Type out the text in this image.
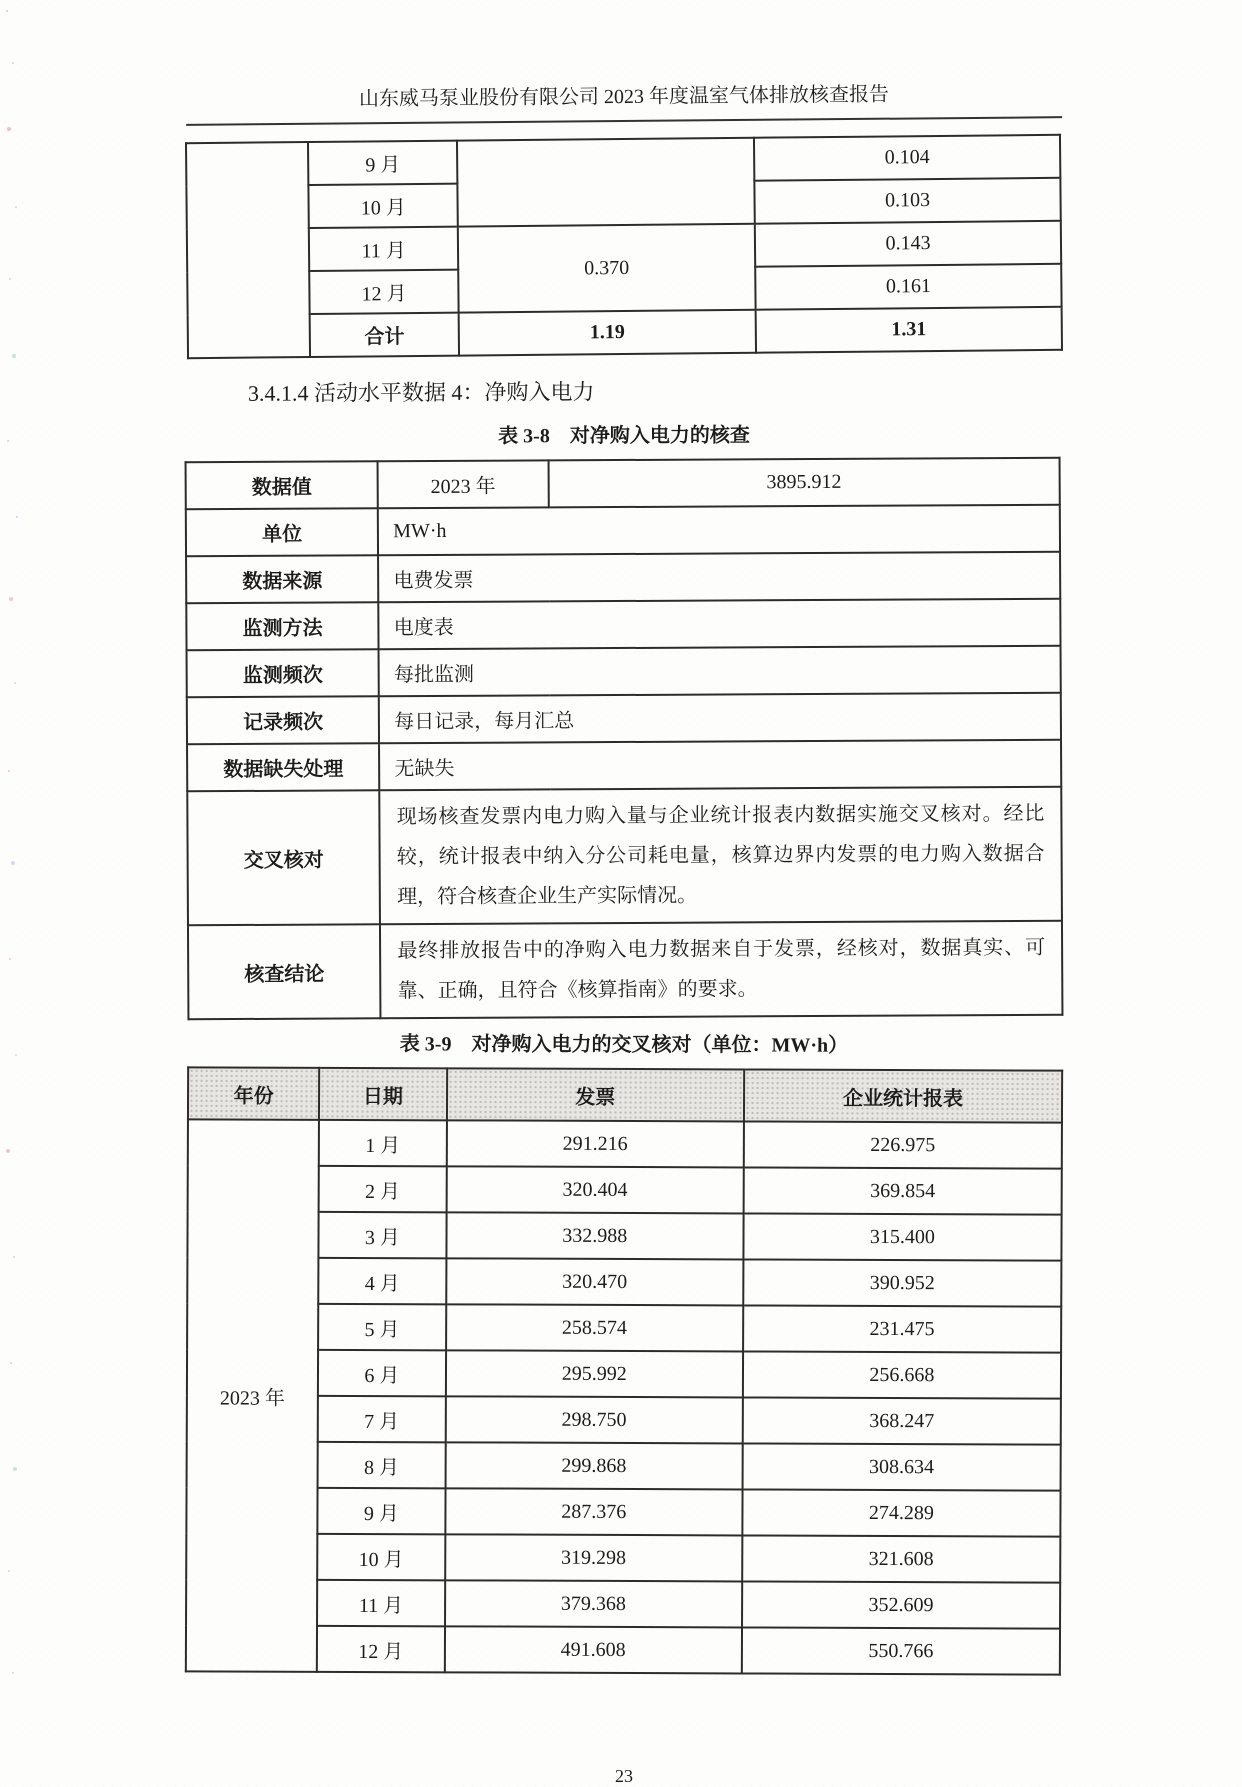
山东威马泵业股份有限公司 2023 年度温室气体排放核查报告
	9 月		0.104
	10 月		0.103
	11 月	0.370	0.143
	12 月		0.161
	合计	1.19	1.31
3.4.1.4 活动水平数据 4：净购入电力
表 3-8　对净购入电力的核查
数据值	2023 年	3895.912
单位	MW·h	
数据来源	电费发票	
监测方法	电度表	
监测频次	每批监测	
记录频次	每日记录，每月汇总	
数据缺失处理	无缺失	
交叉核对	现场核查发票内电力购入量与企业统计报表内数据实施交叉核对。经比较，统计报表中纳入分公司耗电量，核算边界内发票的电力购入数据合理，符合核查企业生产实际情况。	
核查结论	最终排放报告中的净购入电力数据来自于发票，经核对，数据真实、可靠、正确，且符合《核算指南》的要求。	
表 3-9　对净购入电力的交叉核对（单位：MW·h）
年份	日期	发票	企业统计报表
2023 年	1 月	291.216	226.975
	2 月	320.404	369.854
	3 月	332.988	315.400
	4 月	320.470	390.952
	5 月	258.574	231.475
	6 月	295.992	256.668
	7 月	298.750	368.247
	8 月	299.868	308.634
	9 月	287.376	274.289
	10 月	319.298	321.608
	11 月	379.368	352.609
	12 月	491.608	550.766
23
